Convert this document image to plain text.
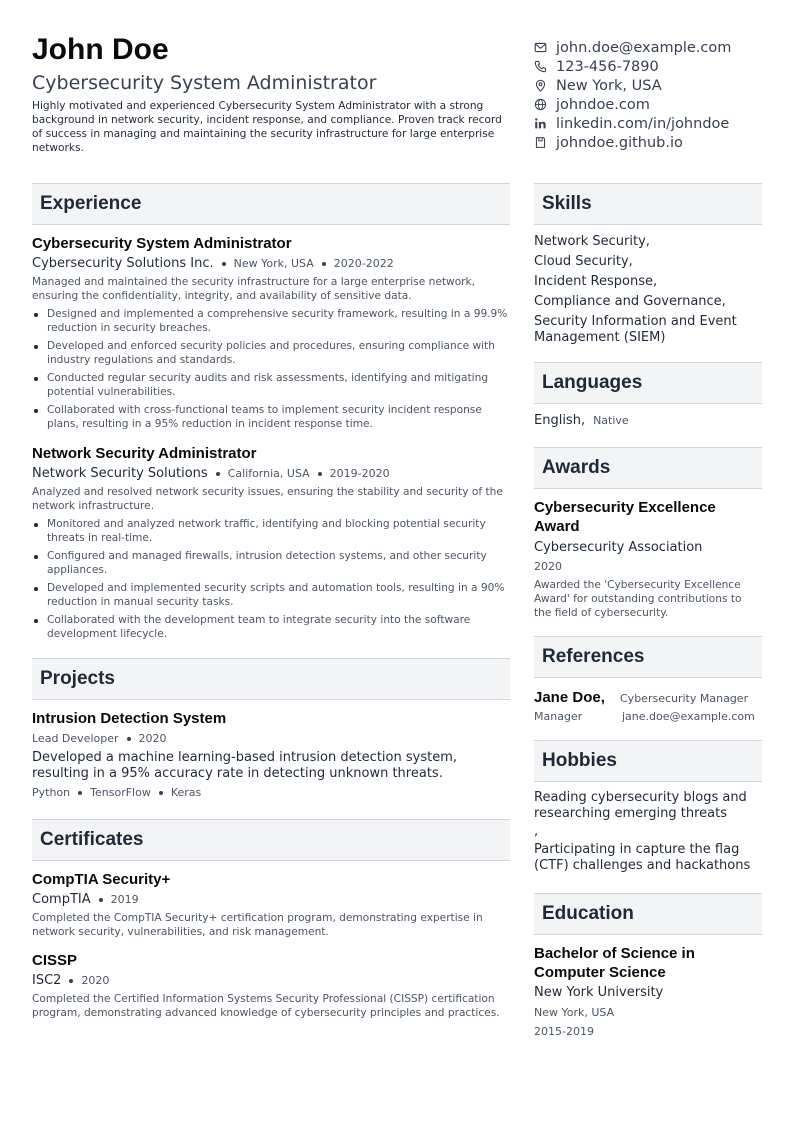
John Doe
Cybersecurity System Administrator
Highly motivated and experienced Cybersecurity System Administrator with a strong background in network security, incident response, and compliance. Proven track record of success in managing and maintaining the security infrastructure for large enterprise networks.
john.doe@example.com
123-456-7890
New York, USA
johndoe.com
linkedin.com/in/johndoe
johndoe.github.io
Experience
Cybersecurity System Administrator
Cybersecurity Solutions Inc. New York, USA 2020-2022
Managed and maintained the security infrastructure for a large enterprise network, ensuring the confidentiality, integrity, and availability of sensitive data.
Designed and implemented a comprehensive security framework, resulting in a 99.9% reduction in security breaches.
Developed and enforced security policies and procedures, ensuring compliance with industry regulations and standards.
Conducted regular security audits and risk assessments, identifying and mitigating potential vulnerabilities.
Collaborated with cross-functional teams to implement security incident response plans, resulting in a 95% reduction in incident response time.
Network Security Administrator
Network Security Solutions California, USA 2019-2020
Analyzed and resolved network security issues, ensuring the stability and security of the network infrastructure.
Monitored and analyzed network traffic, identifying and blocking potential security threats in real-time.
Configured and managed firewalls, intrusion detection systems, and other security appliances.
Developed and implemented security scripts and automation tools, resulting in a 90% reduction in manual security tasks.
Collaborated with the development team to integrate security into the software development lifecycle.
Projects
Intrusion Detection System
Lead Developer 2020
Developed a machine learning-based intrusion detection system, resulting in a 95% accuracy rate in detecting unknown threats.
Python TensorFlow Keras
Certificates
CompTIA Security+
CompTIA 2019
Completed the CompTIA Security+ certification program, demonstrating expertise in network security, vulnerabilities, and risk management.
CISSP
ISC2 2020
Completed the Certified Information Systems Security Professional (CISSP) certification program, demonstrating advanced knowledge of cybersecurity principles and practices.
Skills
Network Security,
Cloud Security,
Incident Response,
Compliance and Governance,
Security Information and Event Management (SIEM)
Languages
English, Native
Awards
Cybersecurity Excellence Award
Cybersecurity Association
2020
Awarded the 'Cybersecurity Excellence Award' for outstanding contributions to the field of cybersecurity.
References
Jane Doe,	Cybersecurity Manager
Manager	jane.doe@example.com
Hobbies
Reading cybersecurity blogs and researching emerging threats
,
Participating in capture the flag (CTF) challenges and hackathons
Education
Bachelor of Science in Computer Science
New York University
New York, USA
2015-2019
